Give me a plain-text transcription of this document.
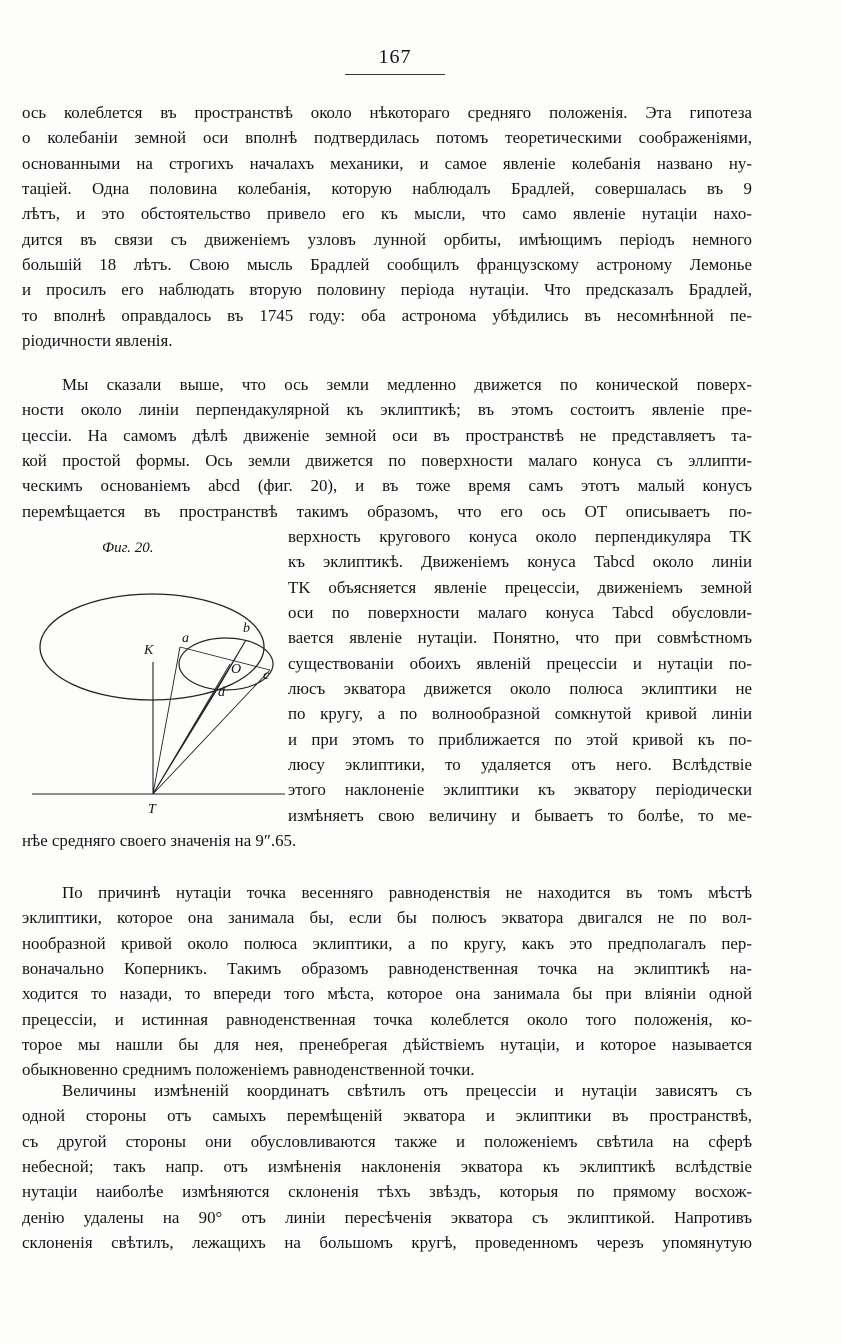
167
ось колеблется въ пространствѣ около нѣкотораго средняго положенія. Эта гипотеза
о колебаніи земной оси вполнѣ подтвердилась потомъ теоретическими соображеніями,
основанными на строгихъ началахъ механики, и самое явленіе колебанія названо ну-
таціей. Одна половина колебанія, которую наблюдалъ Брадлей, совершалась въ 9
лѣтъ, и это обстоятельство привело его къ мысли, что само явленіе нутаціи нахо-
дится въ связи съ движеніемъ узловъ лунной орбиты, имѣющимъ періодъ немного
большій 18 лѣтъ. Свою мысль Брадлей сообщилъ французскому астроному Лемонье
и просилъ его наблюдать вторую половину періода нутаціи. Что предсказалъ Брадлей,
то вполнѣ оправдалось въ 1745 году: оба астронома убѣдились въ несомнѣнной пе-
ріодичности явленія.
Мы сказали выше, что ось земли медленно движется по конической поверх-
ности около линіи перпендакулярной къ эклиптикѣ; въ этомъ состоитъ явленіе пре-
цессіи. На самомъ дѣлѣ движеніе земной оси въ пространствѣ не представляетъ та-
кой простой формы. Ось земли движется по поверхности малаго конуса съ эллипти-
ческимъ основаніемъ abcd (фиг. 20), и въ тоже время самъ этотъ малый конусъ
перемѣщается въ пространствѣ такимъ образомъ, что его ось OT описываетъ по-
верхность кругового конуса около перпендикуляра TK
къ эклиптикѣ. Движеніемъ конуса Tabcd около линіи
TK объясняется явленіе прецессіи, движеніемъ земной
оси по поверхности малаго конуса Tabcd обусловли-
вается явленіе нутаціи. Понятно, что при совмѣстномъ
существованіи обоихъ явленій прецессіи и нутаціи по-
люсъ экватора движется около полюса эклиптики не
по кругу, а по волнообразной сомкнутой кривой линіи
и при этомъ то приближается по этой кривой къ по-
люсу эклиптики, то удаляется отъ него. Вслѣдствіе
этого наклоненіе эклиптики къ экватору періодически
измѣняетъ свою величину и бываетъ то болѣе, то ме-
нѣе средняго своего значенія на 9″.65.
Фиг. 20.
a
b
c
d
O
K
T
По причинѣ нутаціи точка весенняго равноденствія не находится въ томъ мѣстѣ
эклиптики, которое она занимала бы, если бы полюсъ экватора двигался не по вол-
нообразной кривой около полюса эклиптики, а по кругу, какъ это предполагалъ пер-
воначально Коперникъ. Такимъ образомъ равноденственная точка на эклиптикѣ на-
ходится то назади, то впереди того мѣста, которое она занимала бы при вліяніи одной
прецессіи, и истинная равноденственная точка колеблется около того положенія, ко-
торое мы нашли бы для нея, пренебрегая дѣйствіемъ нутаціи, и которое называется
обыкновенно среднимъ положеніемъ равноденственной точки.
Величины измѣненій координатъ свѣтилъ отъ прецессіи и нутаціи зависятъ съ
одной стороны отъ самыхъ перемѣщеній экватора и эклиптики въ пространствѣ,
съ другой стороны они обусловливаются также и положеніемъ свѣтила на сферѣ
небесной; такъ напр. отъ измѣненія наклоненія экватора къ эклиптикѣ вслѣдствіе
нутаціи наиболѣе измѣняются склоненія тѣхъ звѣздъ, которыя по прямому восхож-
денію удалены на 90° отъ линіи пересѣченія экватора съ эклиптикой. Напротивъ
склоненія свѣтилъ, лежащихъ на большомъ кругѣ, проведенномъ черезъ упомянутую
